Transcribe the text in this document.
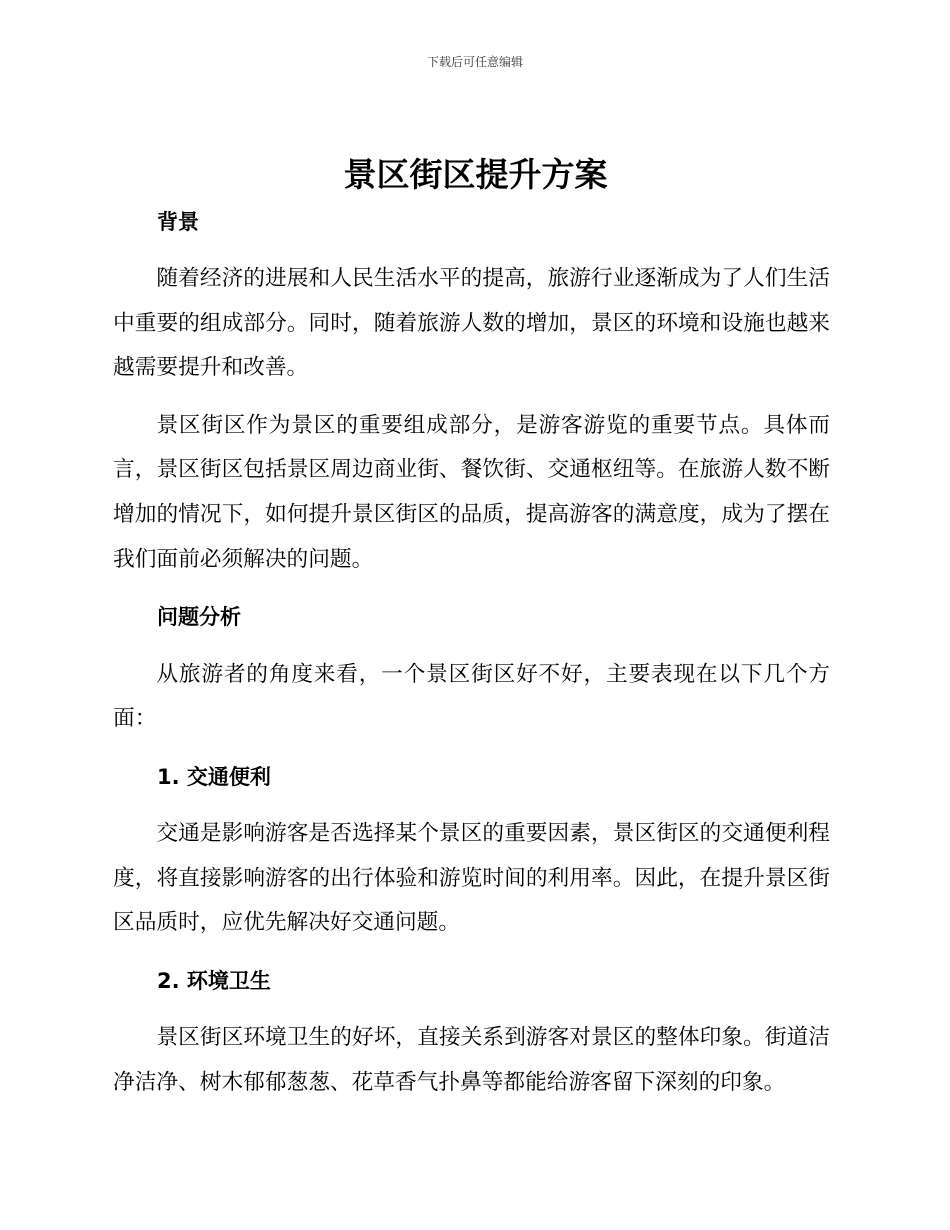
下载后可任意编辑
景区街区提升方案
背景
随着经济的进展和人民生活水平的提高，旅游行业逐渐成为了人们生活中重要的组成部分。同时，随着旅游人数的增加，景区的环境和设施也越来越需要提升和改善。
景区街区作为景区的重要组成部分，是游客游览的重要节点。具体而言，景区街区包括景区周边商业街、餐饮街、交通枢纽等。在旅游人数不断增加的情况下，如何提升景区街区的品质，提高游客的满意度，成为了摆在我们面前必须解决的问题。
问题分析
从旅游者的角度来看，一个景区街区好不好，主要表现在以下几个方面：
1. 交通便利
交通是影响游客是否选择某个景区的重要因素，景区街区的交通便利程度，将直接影响游客的出行体验和游览时间的利用率。因此，在提升景区街区品质时，应优先解决好交通问题。
2. 环境卫生
景区街区环境卫生的好坏，直接关系到游客对景区的整体印象。街道洁净洁净、树木郁郁葱葱、花草香气扑鼻等都能给游客留下深刻的印象。
